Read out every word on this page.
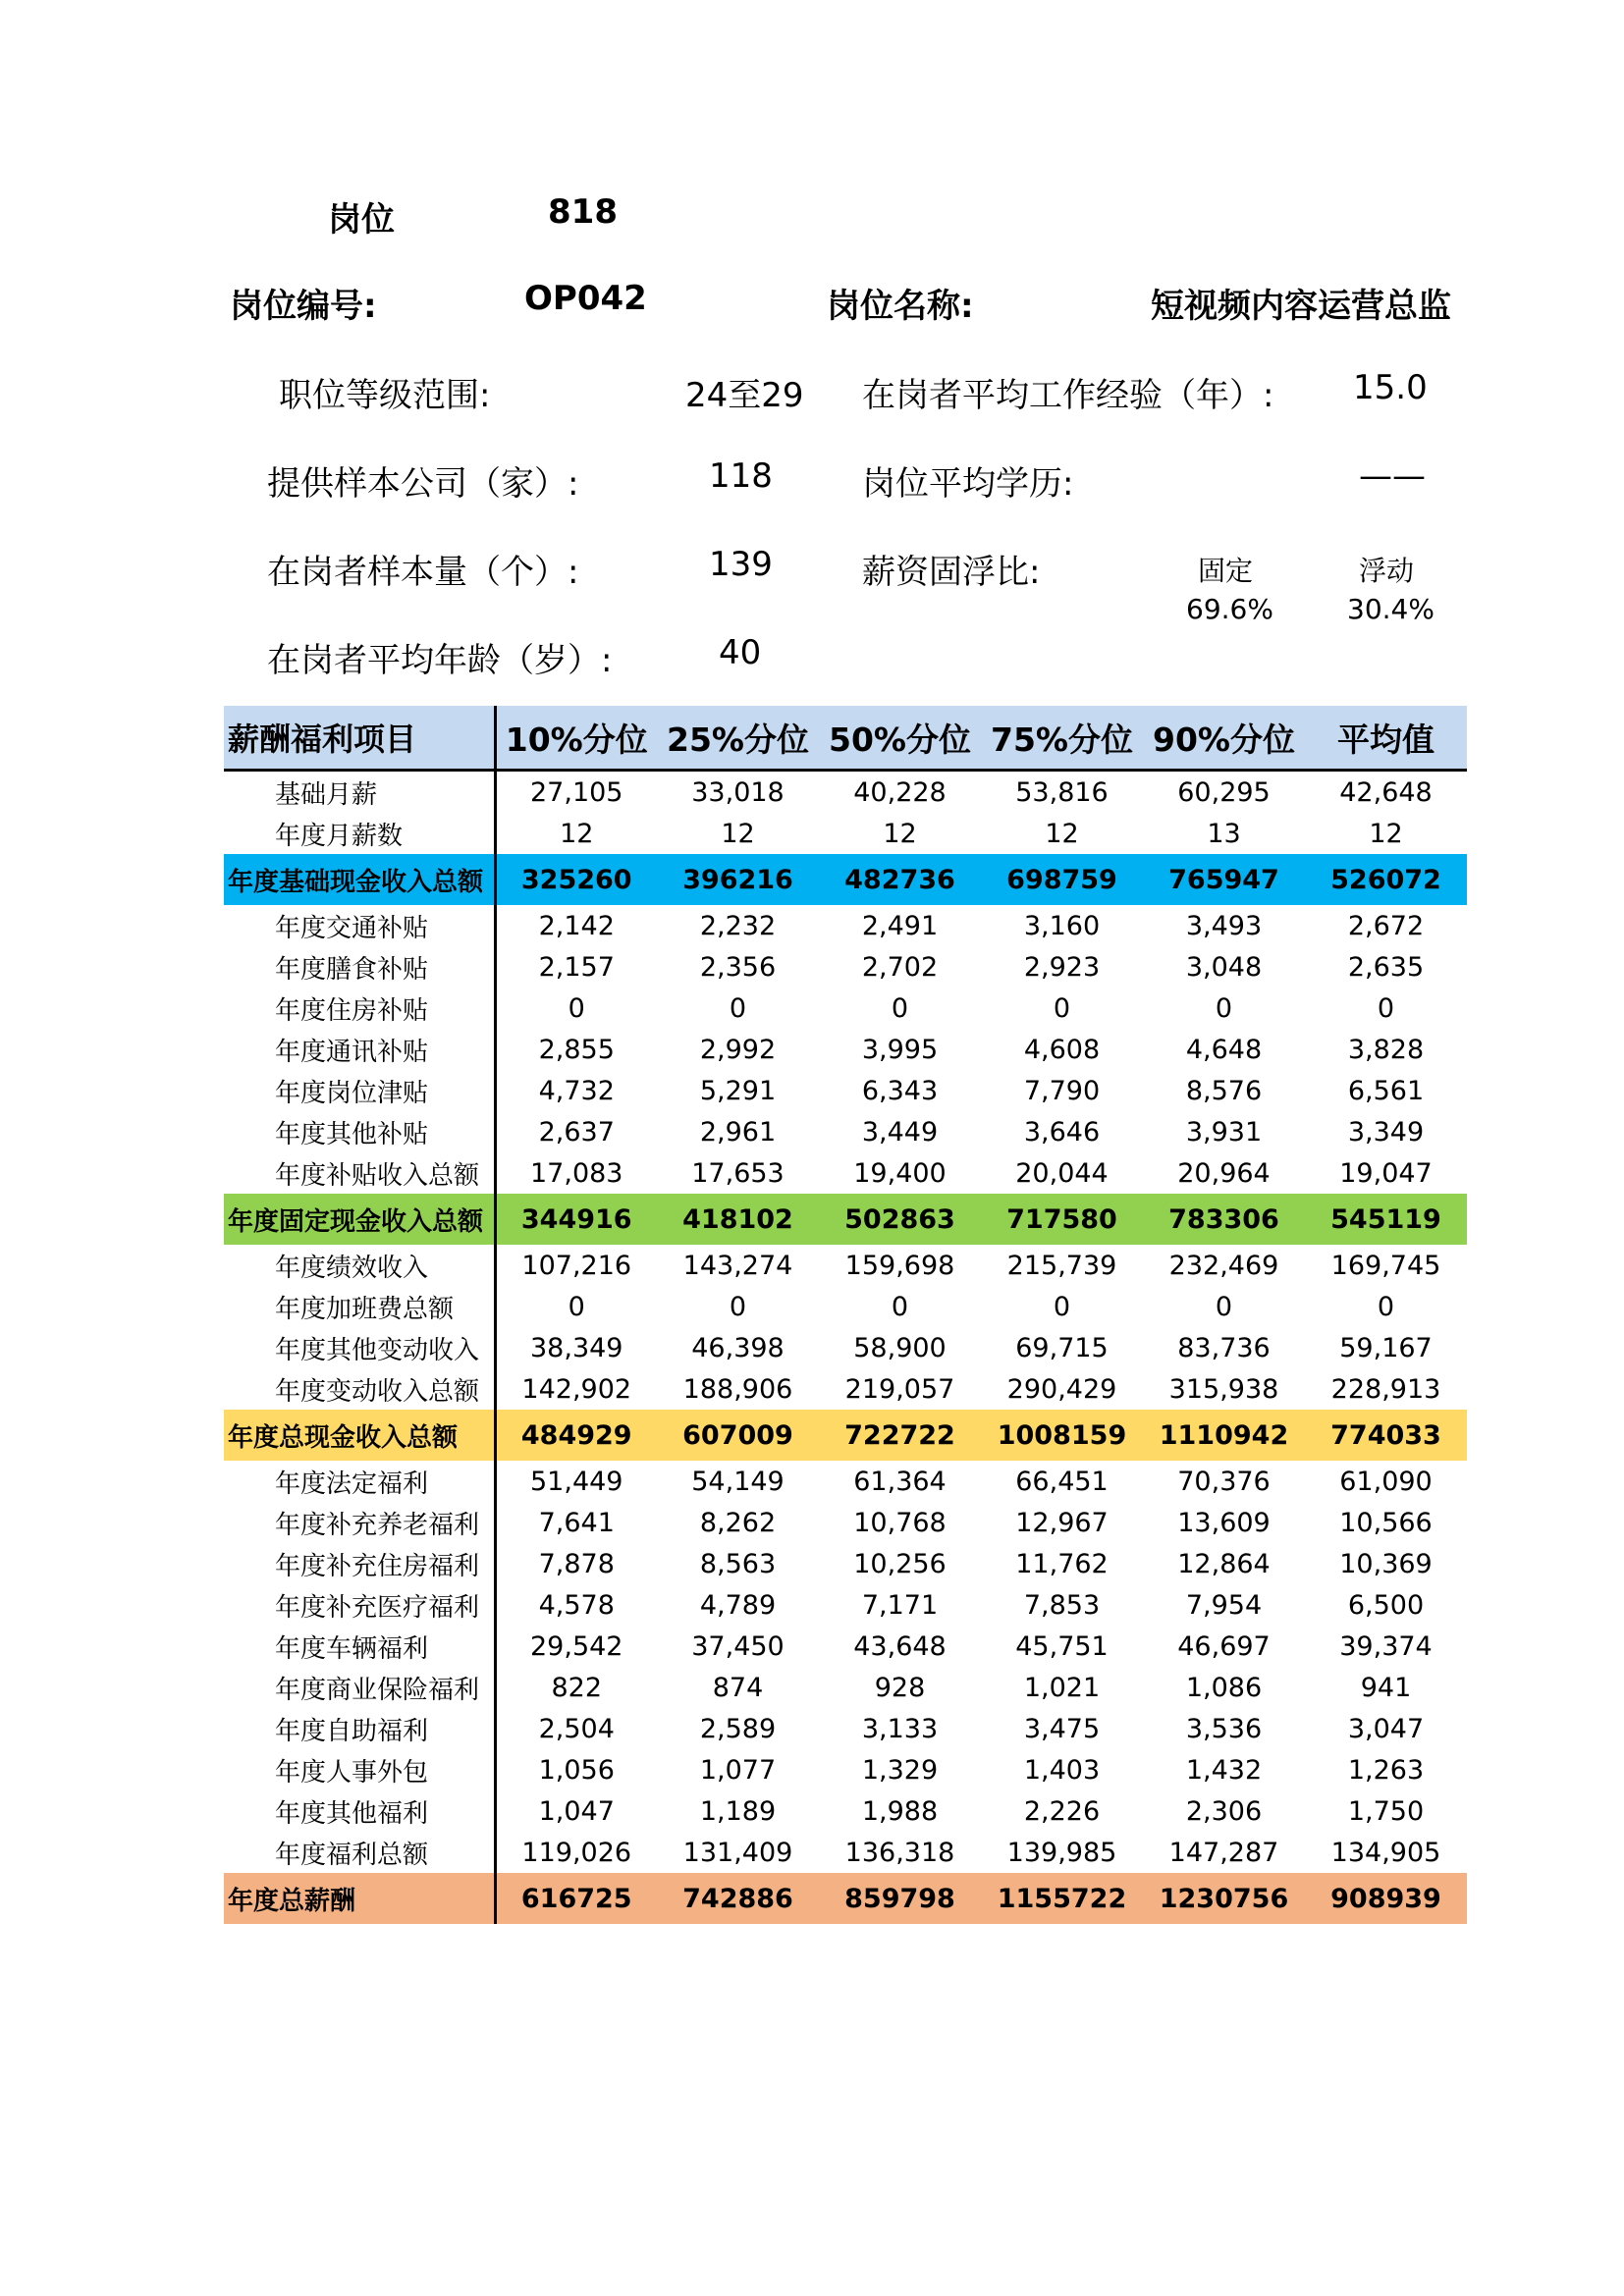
岗位	818
岗位编号:	OP042	岗位名称:	短视频内容运营总监
职位等级范围:	24至29 在岗者平均工作经验（年）: 15.0
提供样本公司（家）:	118	岗位平均学历:	——
在岗者样本量（个）:	139	薪资固浮比:	固定
69.6%
浮动
30.4%
在岗者平均年龄（岁）:	40
薪酬福利项目	10%分位	25%分位	50%分位	75%分位	90%分位	平均值
基础月薪	27,105	33,018	40,228	53,816	60,295	42,648
年度月薪数	12	12	12	12	13	12
年度基础现金收入总额	325260	396216	482736	698759	765947	526072
年度交通补贴	2,142	2,232	2,491	3,160	3,493	2,672
年度膳食补贴	2,157	2,356	2,702	2,923	3,048	2,635
年度住房补贴	0	0	0	0	0	0
年度通讯补贴	2,855	2,992	3,995	4,608	4,648	3,828
年度岗位津贴	4,732	5,291	6,343	7,790	8,576	6,561
年度其他补贴	2,637	2,961	3,449	3,646	3,931	3,349
年度补贴收入总额	17,083	17,653	19,400	20,044	20,964	19,047
年度固定现金收入总额	344916	418102	502863	717580	783306	545119
年度绩效收入	107,216	143,274	159,698	215,739	232,469	169,745
年度加班费总额	0	0	0	0	0	0
年度其他变动收入	38,349	46,398	58,900	69,715	83,736	59,167
年度变动收入总额	142,902	188,906	219,057	290,429	315,938	228,913
年度总现金收入总额	484929	607009	722722	1008159	1110942	774033
年度法定福利	51,449	54,149	61,364	66,451	70,376	61,090
年度补充养老福利	7,641	8,262	10,768	12,967	13,609	10,566
年度补充住房福利	7,878	8,563	10,256	11,762	12,864	10,369
年度补充医疗福利	4,578	4,789	7,171	7,853	7,954	6,500
年度车辆福利	29,542	37,450	43,648	45,751	46,697	39,374
年度商业保险福利	822	874	928	1,021	1,086	941
年度自助福利	2,504	2,589	3,133	3,475	3,536	3,047
年度人事外包	1,056	1,077	1,329	1,403	1,432	1,263
年度其他福利	1,047	1,189	1,988	2,226	2,306	1,750
年度福利总额	119,026	131,409	136,318	139,985	147,287	134,905
年度总薪酬	616725	742886	859798	1155722	1230756	908939
